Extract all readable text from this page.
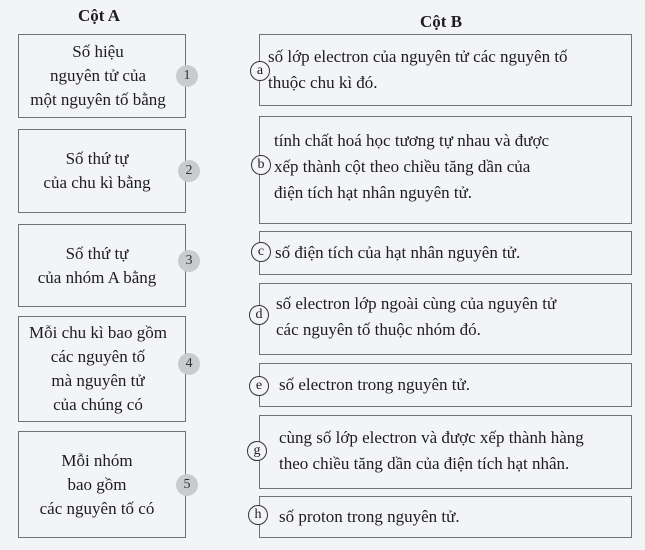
Cột A	Cột B
Số hiệu
nguyên tử của
một nguyên tố bằng
1
Số thứ tự
của chu kì bằng
2
Số thứ tự
của nhóm A bằng
3
Mỗi chu kì bao gồm
các nguyên tố
mà nguyên tử
của chúng có
4
Mỗi nhóm
bao gồm
các nguyên tố có
5
số lớp electron của nguyên tử các nguyên tố
thuộc chu kì đó.
a
tính chất hoá học tương tự nhau và được
xếp thành cột theo chiều tăng dần của
điện tích hạt nhân nguyên tử.
b
số điện tích của hạt nhân nguyên tử.
c
số electron lớp ngoài cùng của nguyên tử
các nguyên tố thuộc nhóm đó.
d
số electron trong nguyên tử.
e
cùng số lớp electron và được xếp thành hàng
theo chiều tăng dần của điện tích hạt nhân.
g
số proton trong nguyên tử.
h
